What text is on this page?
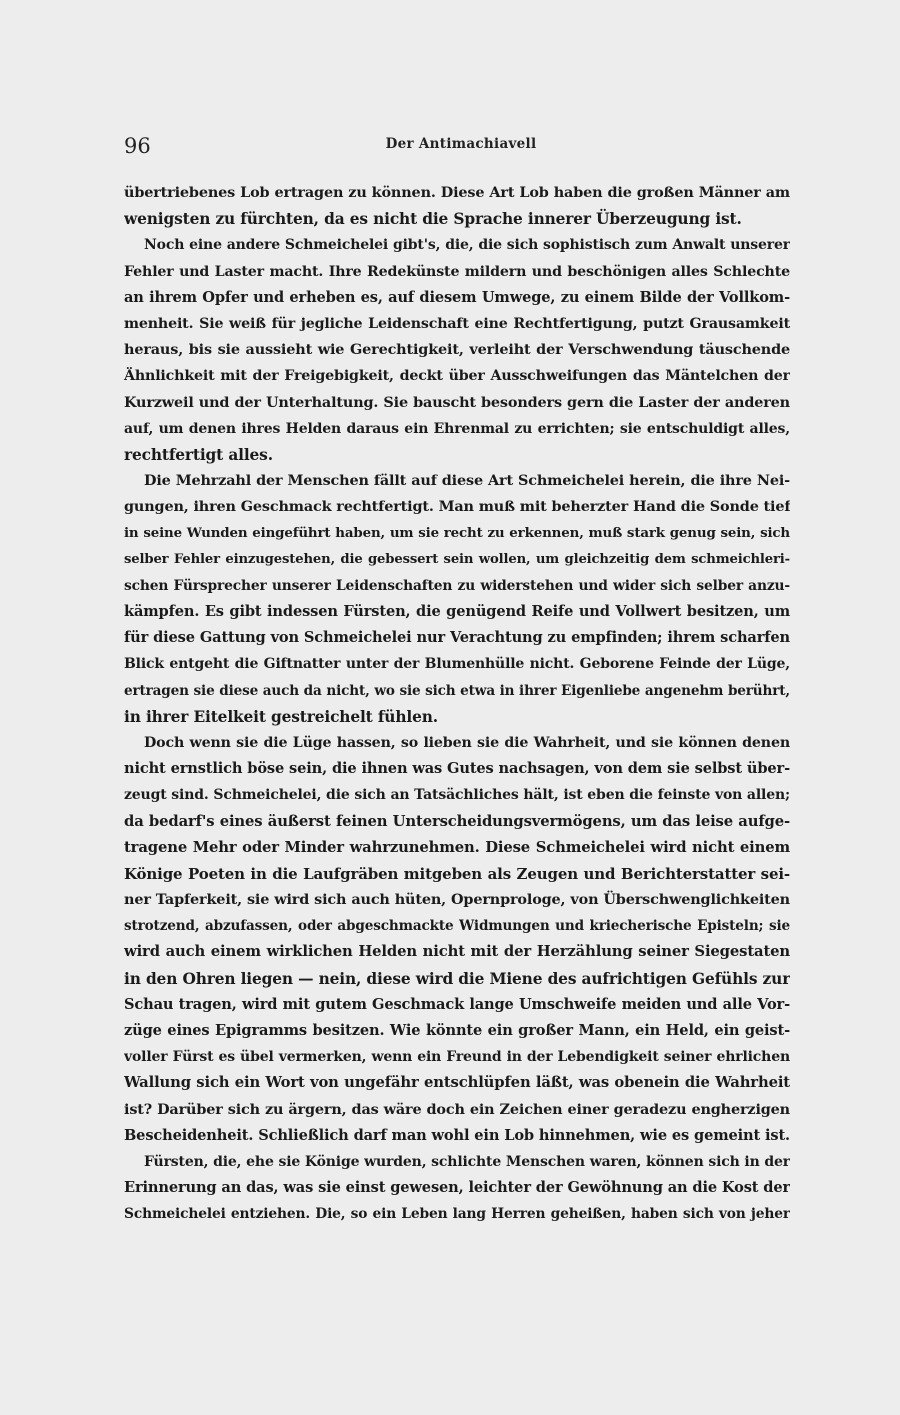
96	Der Antimachiavell
übertriebenes Lob ertragen zu können. Diese Art Lob haben die großen Männer am
wenigsten zu fürchten, da es nicht die Sprache innerer Überzeugung ist.
Noch eine andere Schmeichelei gibt's, die, die sich sophistisch zum Anwalt unserer
Fehler und Laster macht. Ihre Redekünste mildern und beschönigen alles Schlechte
an ihrem Opfer und erheben es, auf diesem Umwege, zu einem Bilde der Vollkom-
menheit. Sie weiß für jegliche Leidenschaft eine Rechtfertigung, putzt Grausamkeit
heraus, bis sie aussieht wie Gerechtigkeit, verleiht der Verschwendung täuschende
Ähnlichkeit mit der Freigebigkeit, deckt über Ausschweifungen das Mäntelchen der
Kurzweil und der Unterhaltung. Sie bauscht besonders gern die Laster der anderen
auf, um denen ihres Helden daraus ein Ehrenmal zu errichten; sie entschuldigt alles,
rechtfertigt alles.
Die Mehrzahl der Menschen fällt auf diese Art Schmeichelei herein, die ihre Nei-
gungen, ihren Geschmack rechtfertigt. Man muß mit beherzter Hand die Sonde tief
in seine Wunden eingeführt haben, um sie recht zu erkennen, muß stark genug sein, sich
selber Fehler einzugestehen, die gebessert sein wollen, um gleichzeitig dem schmeichleri-
schen Fürsprecher unserer Leidenschaften zu widerstehen und wider sich selber anzu-
kämpfen. Es gibt indessen Fürsten, die genügend Reife und Vollwert besitzen, um
für diese Gattung von Schmeichelei nur Verachtung zu empfinden; ihrem scharfen
Blick entgeht die Giftnatter unter der Blumenhülle nicht. Geborene Feinde der Lüge,
ertragen sie diese auch da nicht, wo sie sich etwa in ihrer Eigenliebe angenehm berührt,
in ihrer Eitelkeit gestreichelt fühlen.
Doch wenn sie die Lüge hassen, so lieben sie die Wahrheit, und sie können denen
nicht ernstlich böse sein, die ihnen was Gutes nachsagen, von dem sie selbst über-
zeugt sind. Schmeichelei, die sich an Tatsächliches hält, ist eben die feinste von allen;
da bedarf's eines äußerst feinen Unterscheidungsvermögens, um das leise aufge-
tragene Mehr oder Minder wahrzunehmen. Diese Schmeichelei wird nicht einem
Könige Poeten in die Laufgräben mitgeben als Zeugen und Berichterstatter sei-
ner Tapferkeit, sie wird sich auch hüten, Opernprologe, von Überschwenglichkeiten
strotzend, abzufassen, oder abgeschmackte Widmungen und kriecherische Episteln; sie
wird auch einem wirklichen Helden nicht mit der Herzählung seiner Siegestaten
in den Ohren liegen — nein, diese wird die Miene des aufrichtigen Gefühls zur
Schau tragen, wird mit gutem Geschmack lange Umschweife meiden und alle Vor-
züge eines Epigramms besitzen. Wie könnte ein großer Mann, ein Held, ein geist-
voller Fürst es übel vermerken, wenn ein Freund in der Lebendigkeit seiner ehrlichen
Wallung sich ein Wort von ungefähr entschlüpfen läßt, was obenein die Wahrheit
ist? Darüber sich zu ärgern, das wäre doch ein Zeichen einer geradezu engherzigen
Bescheidenheit. Schließlich darf man wohl ein Lob hinnehmen, wie es gemeint ist.
Fürsten, die, ehe sie Könige wurden, schlichte Menschen waren, können sich in der
Erinnerung an das, was sie einst gewesen, leichter der Gewöhnung an die Kost der
Schmeichelei entziehen. Die, so ein Leben lang Herren geheißen, haben sich von jeher
